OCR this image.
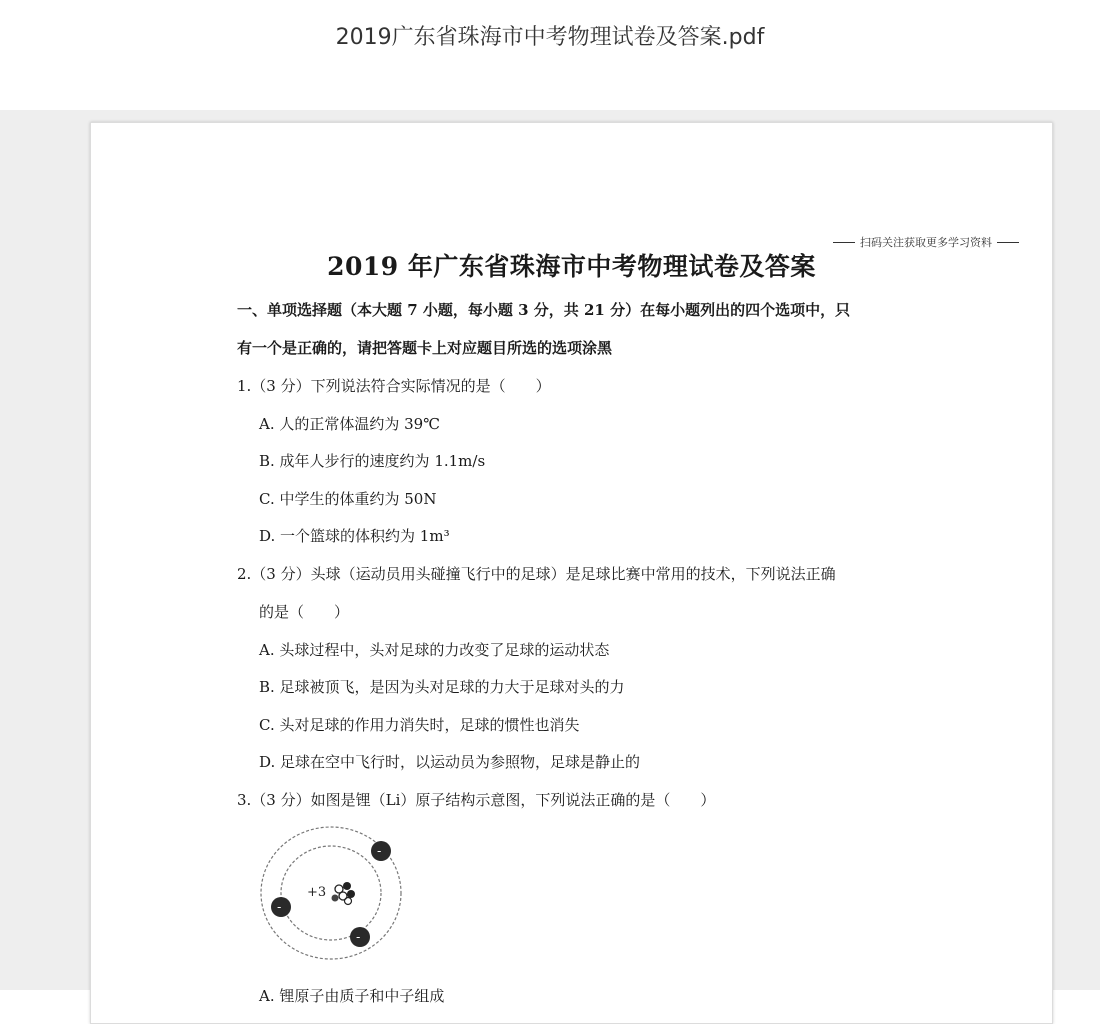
2019广东省珠海市中考物理试卷及答案.pdf
扫码关注获取更多学习资料
2019 年广东省珠海市中考物理试卷及答案
一、单项选择题（本大题 7 小题，每小题 3 分，共 21 分）在每小题列出的四个选项中，只
有一个是正确的，请把答题卡上对应题目所选的选项涂黑
1.（3 分）下列说法符合实际情况的是（　　）
A. 人的正常体温约为 39℃
B. 成年人步行的速度约为 1.1m/s
C. 中学生的体重约为 50N
D. 一个篮球的体积约为 1m³
2.（3 分）头球（运动员用头碰撞飞行中的足球）是足球比赛中常用的技术，下列说法正确
的是（　　）
A. 头球过程中，头对足球的力改变了足球的运动状态
B. 足球被顶飞，是因为头对足球的力大于足球对头的力
C. 头对足球的作用力消失时，足球的惯性也消失
D. 足球在空中飞行时，以运动员为参照物，足球是静止的
3.（3 分）如图是锂（Li）原子结构示意图，下列说法正确的是（　　）
+3
-
-
-
A. 锂原子由质子和中子组成
